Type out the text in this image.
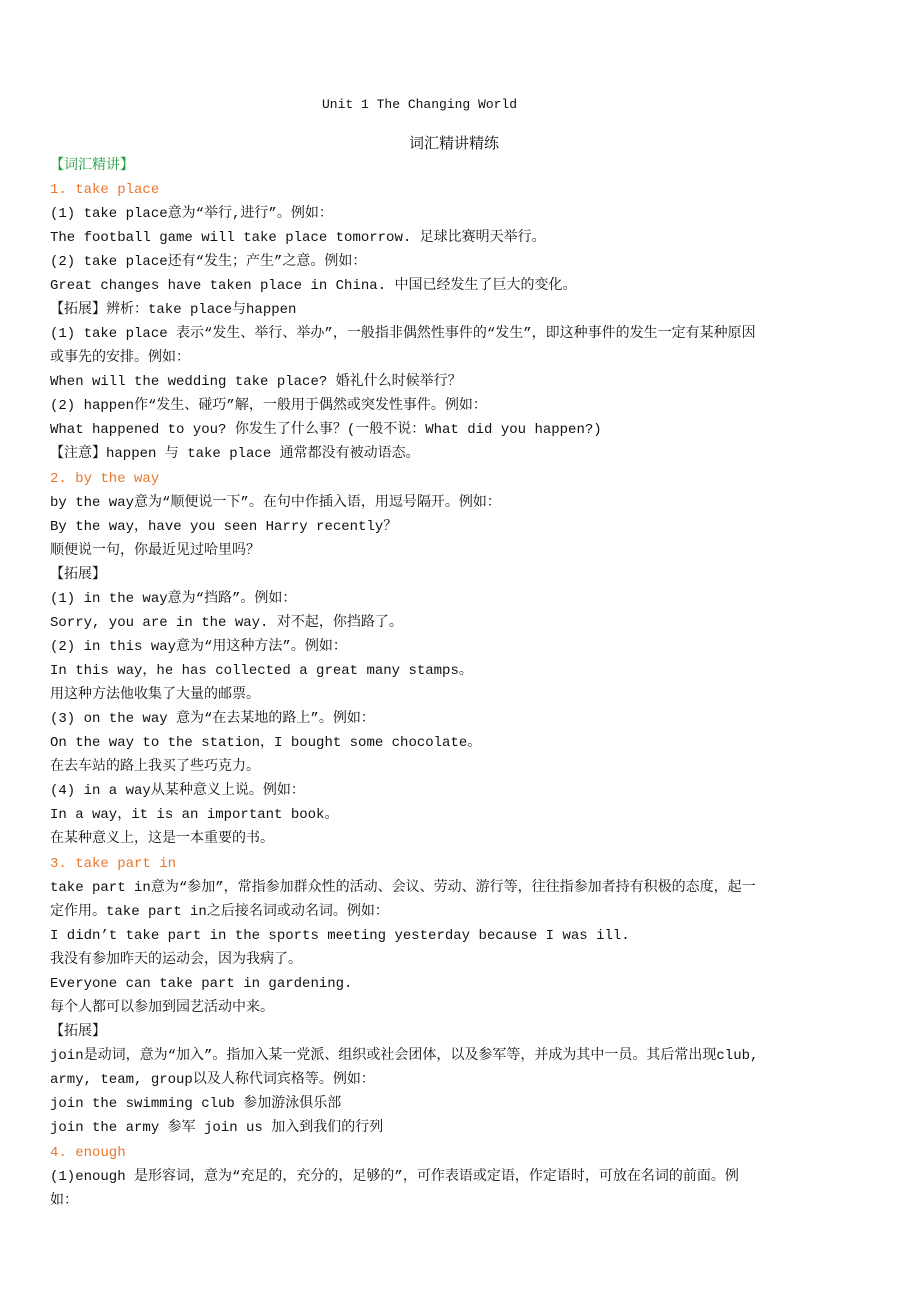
Unit 1 The Changing World
词汇精讲精练
【词汇精讲】
1. take place
(1) take place意为“举行,进行”。例如：
The football game will take place tomorrow. 足球比赛明天举行。
(2) take place还有“发生；产生”之意。例如：
Great changes have taken place in China. 中国已经发生了巨大的变化。
【拓展】辨析：take place与happen
(1) take place 表示“发生、举行、举办”，一般指非偶然性事件的“发生”，即这种事件的发生一定有某种原因
或事先的安排。例如：
When will the wedding take place? 婚礼什么时候举行？
(2) happen作“发生、碰巧”解，一般用于偶然或突发性事件。例如：
What happened to you? 你发生了什么事？(一般不说：What did you happen?)
【注意】happen 与 take place 通常都没有被动语态。
2. by the way
by the way意为“顺便说一下”。在句中作插入语，用逗号隔开。例如：
By the way，have you seen Harry recently？
顺便说一句，你最近见过哈里吗？
【拓展】
(1) in the way意为“挡路”。例如：
Sorry, you are in the way. 对不起，你挡路了。
(2) in this way意为“用这种方法”。例如：
In this way，he has collected a great many stamps。
用这种方法他收集了大量的邮票。
(3) on the way 意为“在去某地的路上”。例如：
On the way to the station，I bought some chocolate。
在去车站的路上我买了些巧克力。
(4) in a way从某种意义上说。例如：
In a way，it is an important book。
在某种意义上，这是一本重要的书。
3. take part in
take part in意为“参加”，常指参加群众性的活动、会议、劳动、游行等，往往指参加者持有积极的态度，起一
定作用。take part in之后接名词或动名词。例如：
I didn’t take part in the sports meeting yesterday because I was ill.
我没有参加昨天的运动会，因为我病了。
Everyone can take part in gardening.
每个人都可以参加到园艺活动中来。
【拓展】
join是动词，意为“加入”。指加入某一党派、组织或社会团体，以及参军等，并成为其中一员。其后常出现club,
army, team, group以及人称代词宾格等。例如：
join the swimming club 参加游泳俱乐部
join the army 参军 join us 加入到我们的行列
4. enough
(1)enough 是形容词，意为“充足的，充分的，足够的”，可作表语或定语，作定语时，可放在名词的前面。例
如：
